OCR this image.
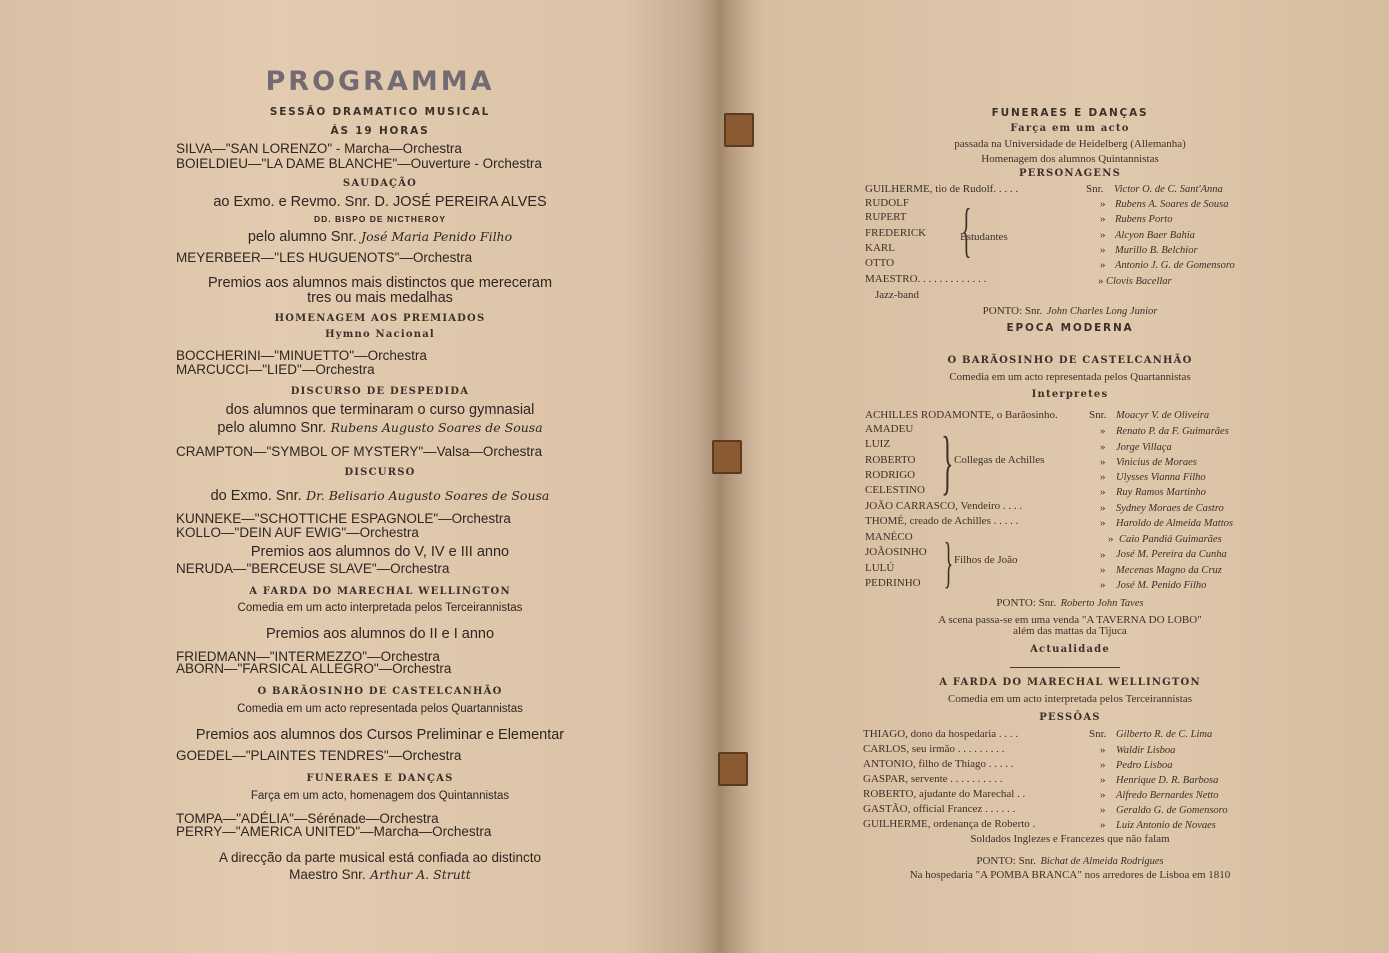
PROGRAMMA
SESSÃO DRAMATICO MUSICAL
ÁS 19 HORAS
SILVA—"SAN LORENZO" - Marcha—Orchestra
BOIELDIEU—"LA DAME BLANCHE"—Ouverture - Orchestra
SAUDAÇÃO
ao Exmo. e Revmo. Snr. D. JOSÉ PEREIRA ALVES
DD. BISPO DE NICTHEROY
pelo alumno Snr. José Maria Penido Filho
MEYERBEER—"LES HUGUENOTS"—Orchestra
Premios aos alumnos mais distinctos que mereceram
tres ou mais medalhas
HOMENAGEM AOS PREMIADOS
Hymno Nacional
BOCCHERINI—"MINUETTO"—Orchestra
MARCUCCI—"LIED"—Orchestra
DISCURSO DE DESPEDIDA
dos alumnos que terminaram o curso gymnasial
pelo alumno Snr. Rubens Augusto Soares de Sousa
CRAMPTON—"SYMBOL OF MYSTERY"—Valsa—Orchestra
DISCURSO
do Exmo. Snr. Dr. Belisario Augusto Soares de Sousa
KUNNEKE—"SCHOTTICHE ESPAGNOLE"—Orchestra
KOLLO—"DEIN AUF EWIG"—Orchestra
Premios aos alumnos do V, IV e III anno
NERUDA—"BERCEUSE SLAVE"—Orchestra
A FARDA DO MARECHAL WELLINGTON
Comedia em um acto interpretada pelos Terceirannistas
Premios aos alumnos do II e I anno
FRIEDMANN—"INTERMEZZO"—Orchestra
ABORN—"FARSICAL ALLEGRO"—Orchestra
O BARÃOSINHO DE CASTELCANHÃO
Comedia em um acto representada pelos Quartannistas
Premios aos alumnos dos Cursos Preliminar e Elementar
GOEDEL—"PLAINTES TENDRES"—Orchestra
FUNERAES E DANÇAS
Farça em um acto, homenagem dos Quintannistas
TOMPA—"ADÉLIA"—Sérénade—Orchestra
PERRY—"AMERICA UNITED"—Marcha—Orchestra
A direcção da parte musical está confiada ao distincto
Maestro Snr. Arthur A. Strutt
FUNERAES E DANÇAS
Farça em um acto
passada na Universidade de Heidelberg (Allemanha)
Homenagem dos alumnos Quintannistas
PERSONAGENS
GUILHERME, tio de Rudolf. . . . .	Snr. Victor O. de C. Sant'Anna
RUDOLF	» Rubens A. Soares de Sousa
RUPERT	» Rubens Porto
FREDERICK	» Alcyon Baer Bahia
KARL	» Murillo B. Belchior
OTTO	» Antonio J. G. de Gomensoro
MAESTRO. . . . . . . . . . . . .	» Clovis Bacellar
{
Estudantes
Jazz-band
PONTO: Snr. John Charles Long Junior
EPOCA MODERNA
O BARÃOSINHO DE CASTELCANHÃO
Comedia em um acto representada pelos Quartannistas
Interpretes
ACHILLES RODAMONTE, o Barãosinho.	Snr. Moacyr V. de Oliveira
AMADEU	» Renato P. da F. Guimarães
LUIZ	» Jorge Villaça
ROBERTO	» Vinicius de Moraes
RODRIGO	» Ulysses Vianna Filho
CELESTINO	» Ruy Ramos Martinho
JOÃO CARRASCO, Vendeiro . . . .	» Sydney Moraes de Castro
THOMÉ, creado de Achilles . . . . .	» Haroldo de Almeida Mattos
MANÉCO	» Caio Pandiá Guimarães
JOÃOSINHO	» José M. Pereira da Cunha
LULÚ	» Mecenas Magno da Cruz
PEDRINHO	» José M. Penido Filho
} Collegas de Achilles
} Filhos de João
PONTO: Snr. Roberto John Taves
A scena passa-se em uma venda "A TAVERNA DO LOBO"
além das mattas da Tijuca
Actualidade
A FARDA DO MARECHAL WELLINGTON
Comedia em um acto interpretada pelos Terceirannistas
PESSÔAS
THIAGO, dono da hospedaria . . . .	Snr. Gilberto R. de C. Lima
CARLOS, seu irmão . . . . . . . . .	» Waldir Lisboa
ANTONIO, filho de Thiago . . . . .	» Pedro Lisboa
GASPAR, servente . . . . . . . . . .	» Henrique D. R. Barbosa
ROBERTO, ajudante do Marechal . .	» Alfredo Bernardes Netto
GASTÃO, official Francez . . . . . .	» Geraldo G. de Gomensoro
GUILHERME, ordenança de Roberto .	» Luiz Antonio de Novaes
Soldados Inglezes e Francezes que não falam
PONTO: Snr. Bichat de Almeida Rodrigues
Na hospedaria "A POMBA BRANCA" nos arredores de Lisboa em 1810
